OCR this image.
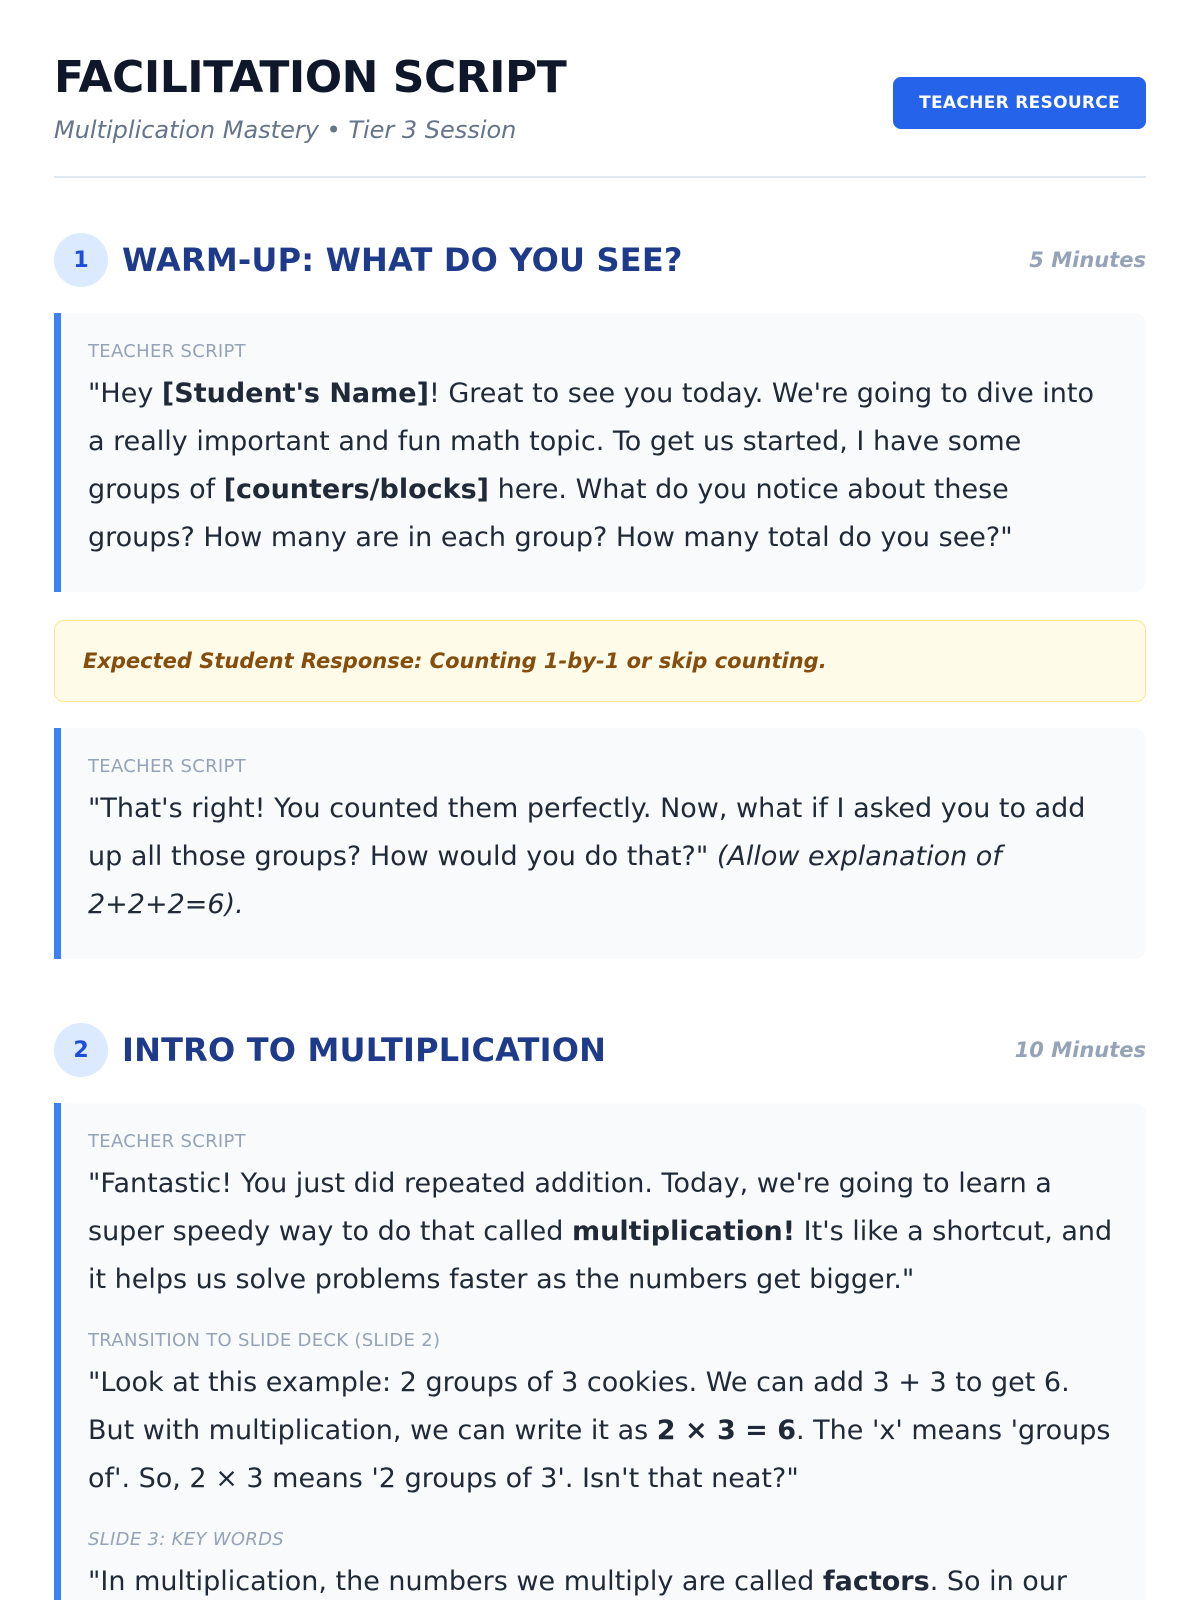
FACILITATION SCRIPT
Multiplication Mastery • Tier 3 Session
TEACHER RESOURCE
1	WARM-UP: WHAT DO YOU SEE?	5 Minutes
TEACHER SCRIPT
"Hey [Student's Name]! Great to see you today. We're going to dive into a really important and fun math topic. To get us started, I have some groups of [counters/blocks] here. What do you notice about these groups? How many are in each group? How many total do you see?"
Expected Student Response: Counting 1-by-1 or skip counting.
TEACHER SCRIPT
"That's right! You counted them perfectly. Now, what if I asked you to add up all those groups? How would you do that?" (Allow explanation of 2+2+2=6).
2	INTRO TO MULTIPLICATION	10 Minutes
TEACHER SCRIPT
"Fantastic! You just did repeated addition. Today, we're going to learn a super speedy way to do that called multiplication! It's like a shortcut, and it helps us solve problems faster as the numbers get bigger."
TRANSITION TO SLIDE DECK (SLIDE 2)
"Look at this example: 2 groups of 3 cookies. We can add 3 + 3 to get 6. But with multiplication, we can write it as 2 × 3 = 6. The 'x' means 'groups of'. So, 2 × 3 means '2 groups of 3'. Isn't that neat?"
SLIDE 3: KEY WORDS
"In multiplication, the numbers we multiply are called factors. So in our
